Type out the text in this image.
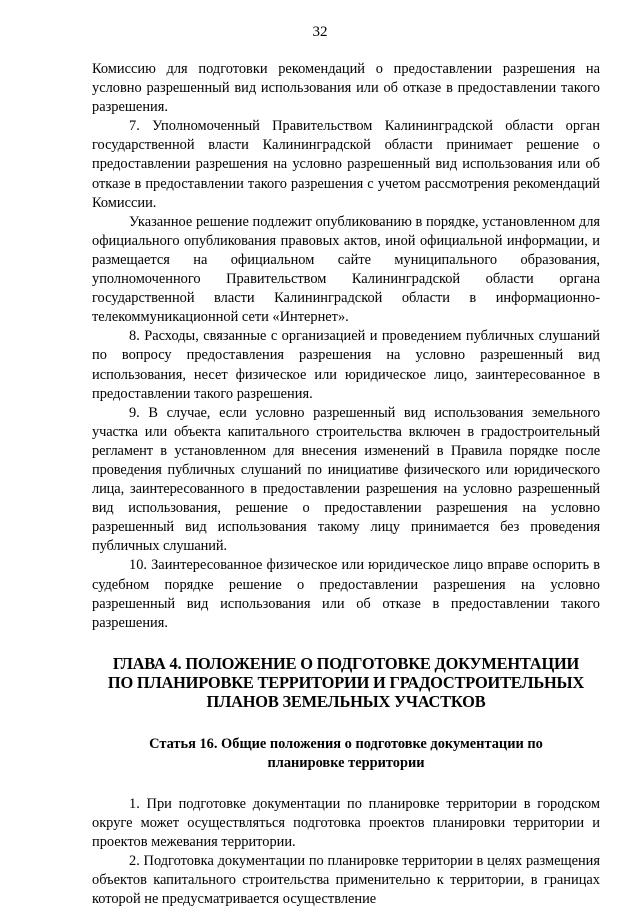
32

Комиссию для подготовки рекомендаций о предоставлении разрешения на условно разрешенный вид использования или об отказе в предоставлении такого разрешения.

7. Уполномоченный Правительством Калининградской области орган государственной власти Калининградской области принимает решение о предоставлении разрешения на условно разрешенный вид использования или об отказе в предоставлении такого разрешения с учетом рассмотрения рекомендаций Комиссии.

Указанное решение подлежит опубликованию в порядке, установленном для официального опубликования правовых актов, иной официальной информации, и размещается на официальном сайте муниципального образования, уполномоченного Правительством Калининградской области органа государственной власти Калининградской области в информационно-телекоммуникационной сети «Интернет».

8. Расходы, связанные с организацией и проведением публичных слушаний по вопросу предоставления разрешения на условно разрешенный вид использования, несет физическое или юридическое лицо, заинтересованное в предоставлении такого разрешения.

9. В случае, если условно разрешенный вид использования земельного участка или объекта капитального строительства включен в градостроительный регламент в установленном для внесения изменений в Правила порядке после проведения публичных слушаний по инициативе физического или юридического лица, заинтересованного в предоставлении разрешения на условно разрешенный вид использования, решение о предоставлении разрешения на условно разрешенный вид использования такому лицу принимается без проведения публичных слушаний.

10. Заинтересованное физическое или юридическое лицо вправе оспорить в судебном порядке решение о предоставлении разрешения на условно разрешенный вид использования или об отказе в предоставлении такого разрешения.

ГЛАВА 4. ПОЛОЖЕНИЕ О ПОДГОТОВКЕ ДОКУМЕНТАЦИИ
ПО ПЛАНИРОВКЕ ТЕРРИТОРИИ И ГРАДОСТРОИТЕЛЬНЫХ
ПЛАНОВ ЗЕМЕЛЬНЫХ УЧАСТКОВ
Статья 16. Общие положения о подготовке документации по
планировке территории

1. При подготовке документации по планировке территории в городском округе может осуществляться подготовка проектов планировки территории и проектов межевания территории.

2. Подготовка документации по планировке территории в целях размещения объектов капитального строительства применительно к территории, в границах которой не предусматривается осуществление
